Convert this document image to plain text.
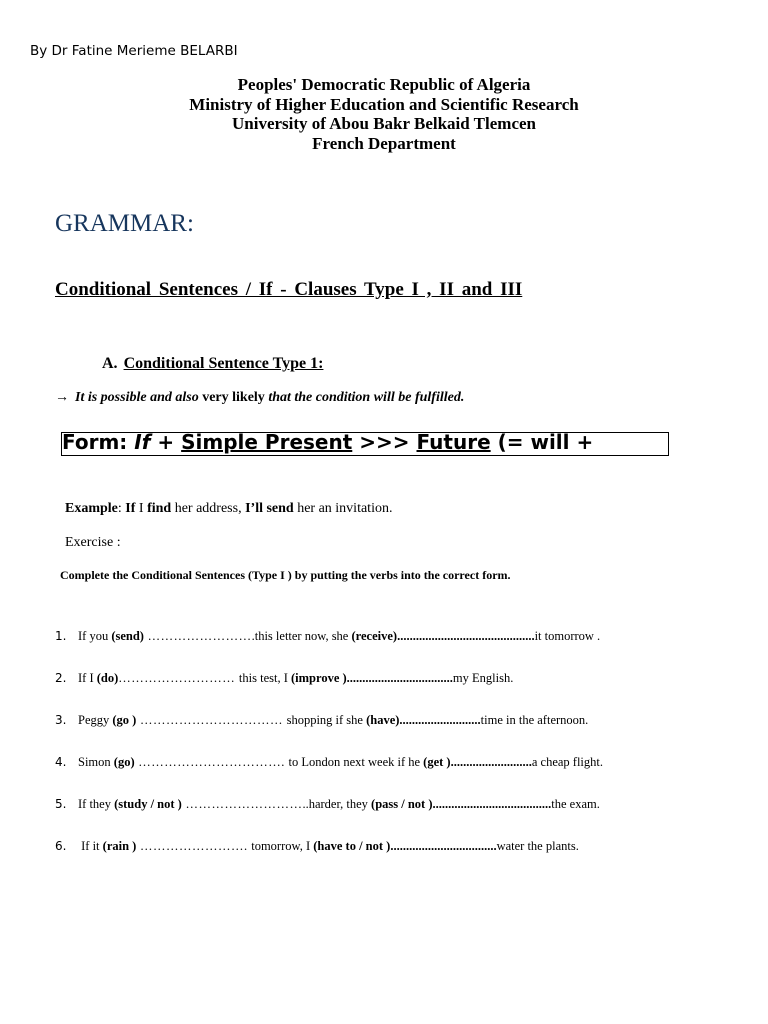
By Dr Fatine Merieme BELARBI
Peoples' Democratic Republic of Algeria
Ministry of Higher Education and Scientific Research
University of Abou Bakr Belkaid Tlemcen
French Department
GRAMMAR:
Conditional Sentences / If - Clauses Type I , II and III
A. Conditional Sentence Type 1:
→ It is possible and also very likely that the condition will be fulfilled.
Form: If + Simple Present >>> Future (= will +
Example: If I find her address, I’ll send her an invitation.
Exercise :
Complete the Conditional Sentences (Type I ) by putting the verbs into the correct form.
1. If you (send) …………………….this letter now, she (receive)............................................it tomorrow .
2. If I (do)……………………… this test, I (improve )..................................my English.
3. Peggy (go ) …………………………… shopping if she (have)..........................time in the afternoon.
4. Simon (go) ……………………………. to London next week if he (get )..........................a cheap flight.
5. If they (study / not ) ………………………..harder, they (pass / not )......................................the exam.
6. If it (rain ) ……………………. tomorrow, I (have to / not )..................................water the plants.
